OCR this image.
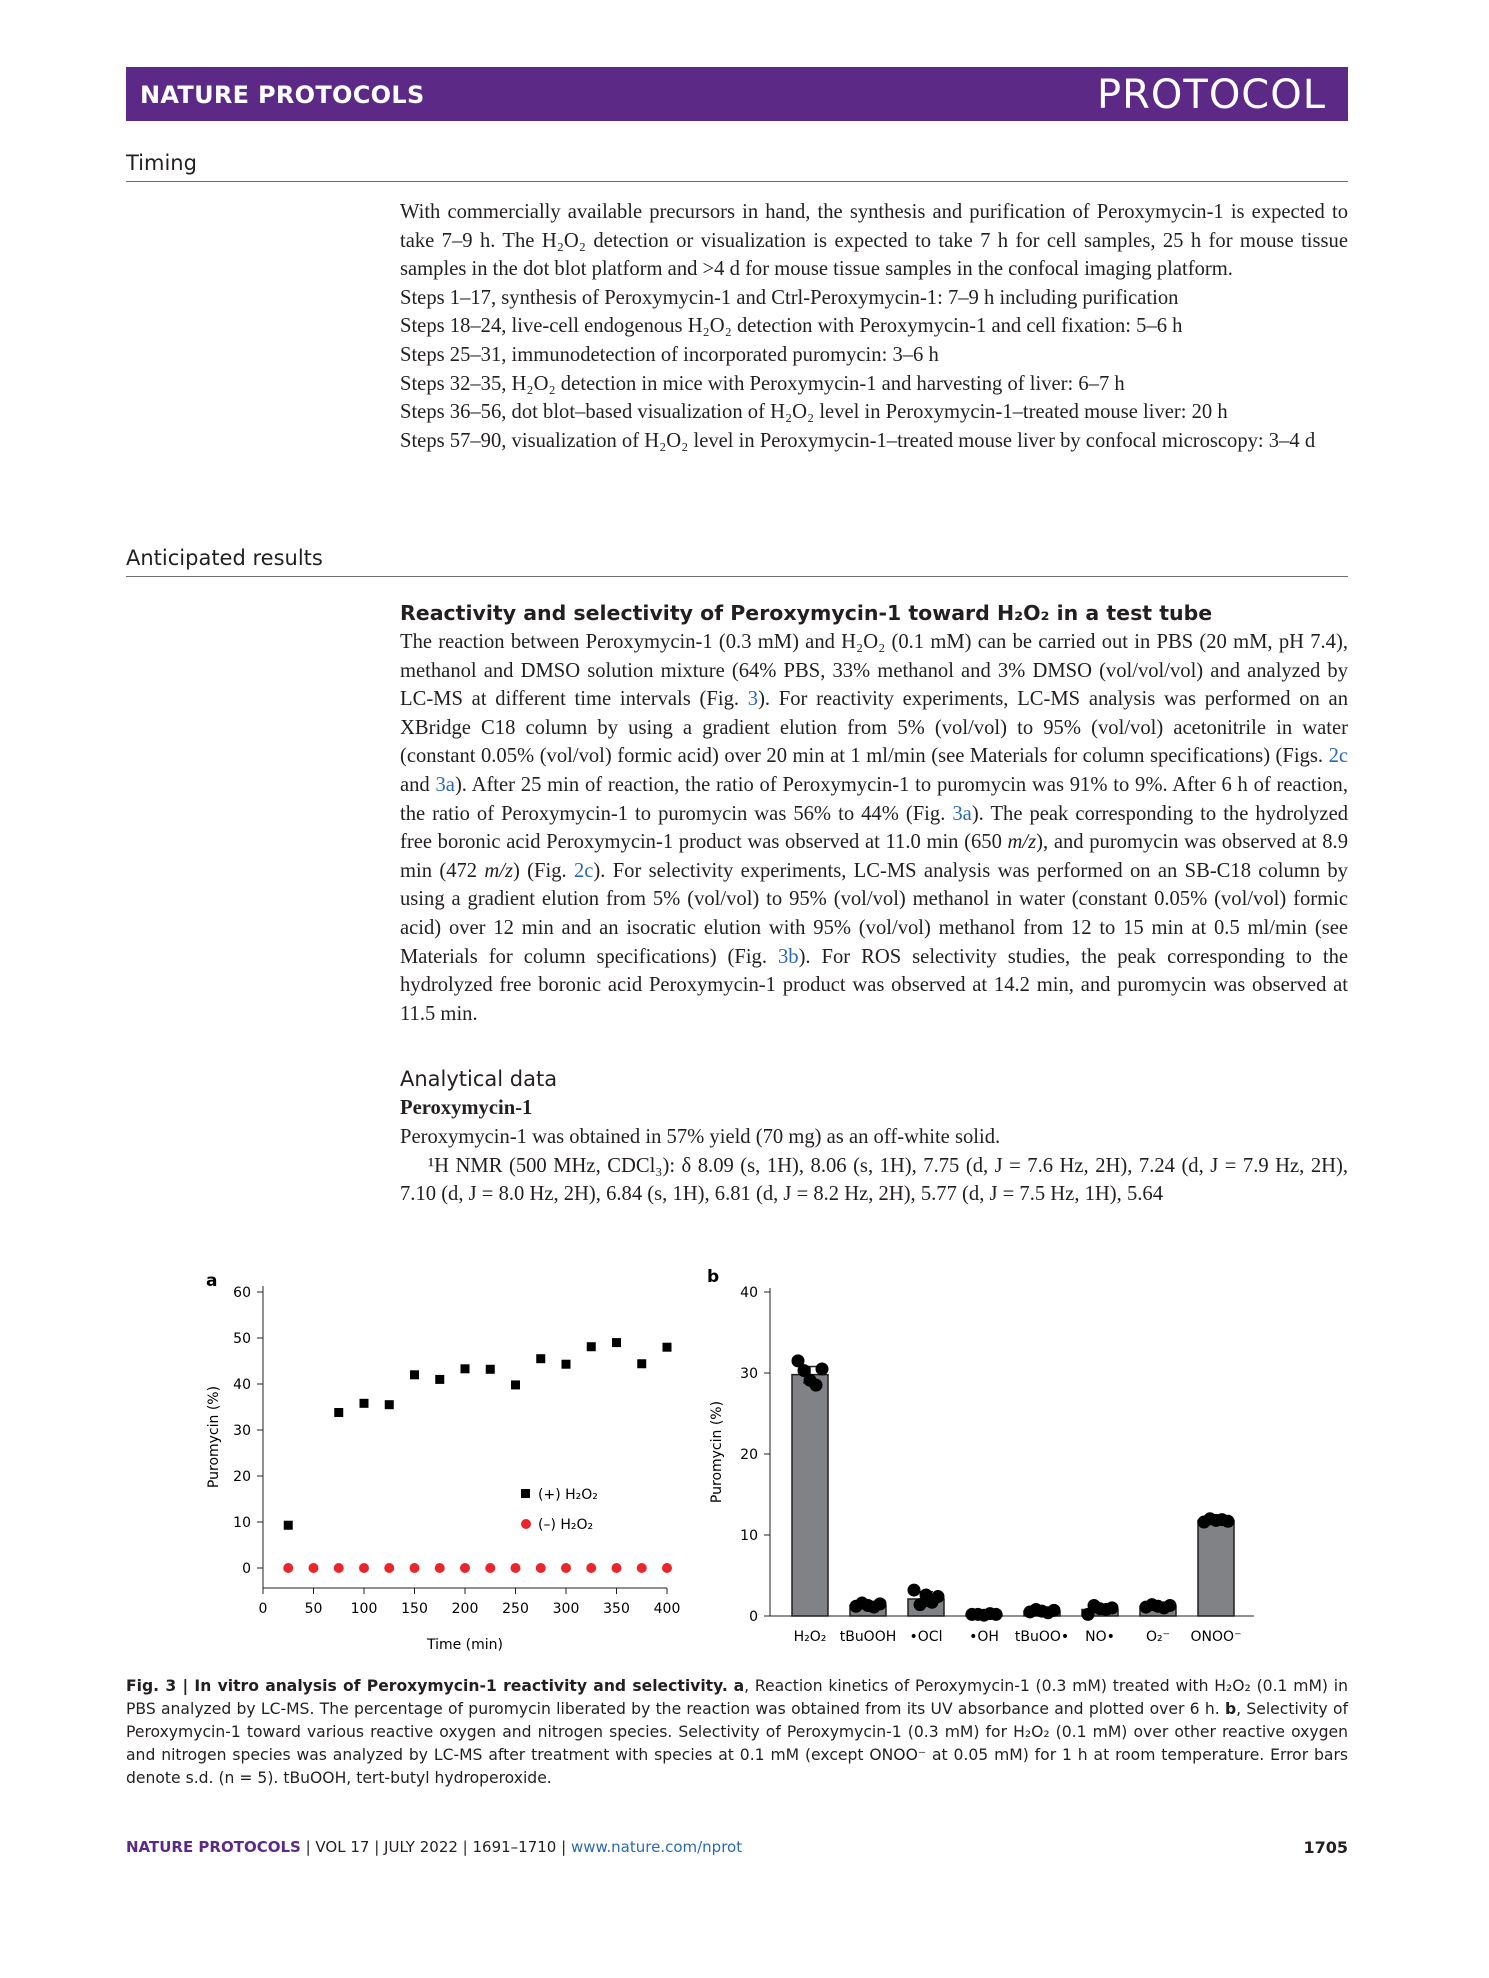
NATURE PROTOCOLS	PROTOCOL
Timing

With commercially available precursors in hand, the synthesis and purification of Peroxymycin-1 is expected to take 7–9 h. The H₂O₂ detection or visualization is expected to take 7 h for cell samples, 25 h for mouse tissue samples in the dot blot platform and >4 d for mouse tissue samples in the confocal imaging platform.

Steps 1–17, synthesis of Peroxymycin-1 and Ctrl-Peroxymycin-1: 7–9 h including purification

Steps 18–24, live-cell endogenous H₂O₂ detection with Peroxymycin-1 and cell fixation: 5–6 h

Steps 25–31, immunodetection of incorporated puromycin: 3–6 h

Steps 32–35, H₂O₂ detection in mice with Peroxymycin-1 and harvesting of liver: 6–7 h

Steps 36–56, dot blot–based visualization of H₂O₂ level in Peroxymycin-1–treated mouse liver: 20 h

Steps 57–90, visualization of H₂O₂ level in Peroxymycin-1–treated mouse liver by confocal microscopy: 3–4 d

Anticipated results
Reactivity and selectivity of Peroxymycin-1 toward H₂O₂ in a test tube

The reaction between Peroxymycin-1 (0.3 mM) and H₂O₂ (0.1 mM) can be carried out in PBS (20 mM, pH 7.4), methanol and DMSO solution mixture (64% PBS, 33% methanol and 3% DMSO (vol/vol/vol) and analyzed by LC-MS at different time intervals (Fig. 3). For reactivity experiments, LC-MS analysis was performed on an XBridge C18 column by using a gradient elution from 5% (vol/vol) to 95% (vol/vol) acetonitrile in water (constant 0.05% (vol/vol) formic acid) over 20 min at 1 ml/min (see Materials for column specifications) (Figs. 2c and 3a). After 25 min of reaction, the ratio of Peroxymycin-1 to puromycin was 91% to 9%. After 6 h of reaction, the ratio of Peroxymycin-1 to puromycin was 56% to 44% (Fig. 3a). The peak corresponding to the hydrolyzed free boronic acid Peroxymycin-1 product was observed at 11.0 min (650 m/z), and puromycin was observed at 8.9 min (472 m/z) (Fig. 2c). For selectivity experiments, LC-MS analysis was performed on an SB-C18 column by using a gradient elution from 5% (vol/vol) to 95% (vol/vol) methanol in water (constant 0.05% (vol/vol) formic acid) over 12 min and an isocratic elution with 95% (vol/vol) methanol from 12 to 15 min at 0.5 ml/min (see Materials for column specifications) (Fig. 3b). For ROS selectivity studies, the peak corresponding to the hydrolyzed free boronic acid Peroxymycin-1 product was observed at 14.2 min, and puromycin was observed at 11.5 min.

Analytical data
Peroxymycin-1

Peroxymycin-1 was obtained in 57% yield (70 mg) as an off-white solid.

¹H NMR (500 MHz, CDCl₃): δ 8.09 (s, 1H), 8.06 (s, 1H), 7.75 (d, J = 7.6 Hz, 2H), 7.24 (d, J = 7.9 Hz, 2H), 7.10 (d, J = 8.0 Hz, 2H), 6.84 (s, 1H), 6.81 (d, J = 8.2 Hz, 2H), 5.77 (d, J = 7.5 Hz, 1H), 5.64

a
0
10
20
30
40
50
60
0	50 100 150 200 250 300 350 400
Puromycin (%)
Time (min)
(+) H₂O₂
(–) H₂O₂
b
0
10
20
30
40
H₂O₂ tBuOOH •OCl •OH tBuOO• NO• O₂⁻ ONOO⁻
Puromycin (%)
Fig. 3 | In vitro analysis of Peroxymycin-1 reactivity and selectivity. a, Reaction kinetics of Peroxymycin-1 (0.3 mM) treated with H₂O₂ (0.1 mM) in PBS analyzed by LC-MS. The percentage of puromycin liberated by the reaction was obtained from its UV absorbance and plotted over 6 h. b, Selectivity of Peroxymycin-1 toward various reactive oxygen and nitrogen species. Selectivity of Peroxymycin-1 (0.3 mM) for H₂O₂ (0.1 mM) over other reactive oxygen and nitrogen species was analyzed by LC-MS after treatment with species at 0.1 mM (except ONOO⁻ at 0.05 mM) for 1 h at room temperature. Error bars denote s.d. (n = 5). tBuOOH, tert-butyl hydroperoxide.
NATURE PROTOCOLS | VOL 17 | JULY 2022 | 1691–1710 | www.nature.com/nprot	1705
